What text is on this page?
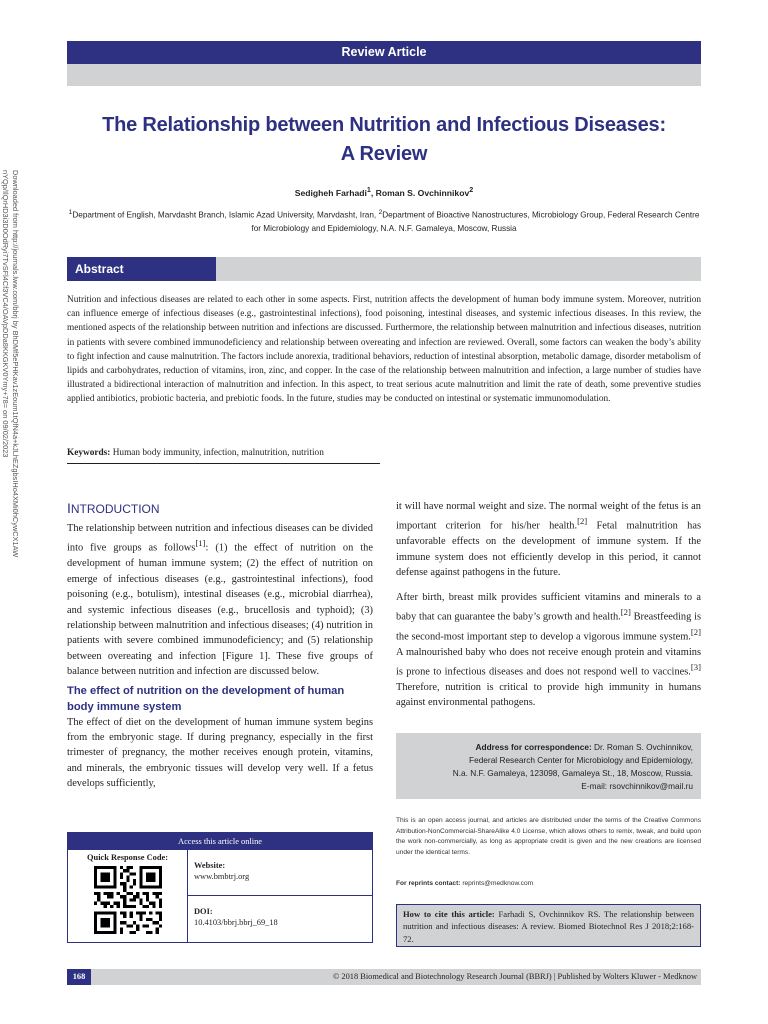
Review Article
The Relationship between Nutrition and Infectious Diseases:
A Review
Sedigheh Farhadi$^1$, Roman S. Ovchinnikov$^2$
$^1$Department of English, Marvdasht Branch, Islamic Azad University, Marvdasht, Iran, $^2$Department of Bioactive Nanostructures, Microbiology Group, Federal Research Centre for Microbiology and Epidemiology, N.A. N.F. Gamaleya, Moscow, Russia
Abstract

Nutrition and infectious diseases are related to each other in some aspects. First, nutrition affects the development of human body immune system. Moreover, nutrition can influence emerge of infectious diseases (e.g., gastrointestinal infections), food poisoning, intestinal diseases, and systemic infectious diseases. In this review, the mentioned aspects of the relationship between nutrition and infections are discussed. Furthermore, the relationship between malnutrition and infectious diseases, nutrition in patients with severe combined immunodeficiency and relationship between overeating and infection are reviewed. Overall, some factors can weaken the body’s ability to fight infection and cause malnutrition. The factors include anorexia, traditional behaviors, reduction of intestinal absorption, metabolic damage, disorder metabolism of lipids and carbohydrates, reduction of vitamins, iron, zinc, and copper. In the case of the relationship between malnutrition and infection, a large number of studies have illustrated a bidirectional interaction of malnutrition and infection. In this aspect, to treat serious acute malnutrition and limit the rate of death, some preventive studies applied antibiotics, probiotic bacteria, and prebiotic foods. In the future, studies may be conducted on intestinal or systematic immunomodulation.

Keywords: Human body immunity, infection, malnutrition, nutrition
Downloaded from http://journals.lww.com/bbrj by BhDMf5ePHKav1zEoum1tQfN4a+kJLhEZgbsIHo4XMi0hCywCX1AW nYQp/IlQrHD3i3D0OdRyi7TvSFl4Cf3VC4/OAVpDDa8KKGKV0Ymy+78= on 09/02/2023
INTRODUCTION

The relationship between nutrition and infectious diseases can be divided into five groups as follows[1]: (1) the effect of nutrition on the development of human immune system; (2) the effect of nutrition on emerge of infectious diseases (e.g., gastrointestinal infections), food poisoning (e.g., botulism), intestinal diseases (e.g., microbial diarrhea), and systemic infectious diseases (e.g., brucellosis and typhoid); (3) relationship between malnutrition and infectious diseases; (4) nutrition in patients with severe combined immunodeficiency; and (5) relationship between overeating and infection [Figure 1]. These five groups of balance between nutrition and infection are discussed below.

The effect of nutrition on the development of human body immune system

The effect of diet on the development of human immune system begins from the embryonic stage. If during pregnancy, especially in the first trimester of pregnancy, the mother receives enough protein, vitamins, and minerals, the embryonic tissues will develop very well. If a fetus develops sufficiently,

it will have normal weight and size. The normal weight of the fetus is an important criterion for his/her health.[2] Fetal malnutrition has unfavorable effects on the development of immune system. If the immune system does not efficiently develop in this period, it cannot defense against pathogens in the future.

After birth, breast milk provides sufficient vitamins and minerals to a baby that can guarantee the baby’s growth and health.[2] Breastfeeding is the second-most important step to develop a vigorous immune system.[2] A malnourished baby who does not receive enough protein and vitamins is prone to infectious diseases and does not respond well to vaccines.[3] Therefore, nutrition is critical to provide high immunity in humans against environmental pathogens.

Access this article online
Quick Response Code:
Website:
www.bmbtrj.org
DOI:
10.4103/bbrj.bbrj_69_18
Address for correspondence: Dr. Roman S. Ovchinnikov,
Federal Research Center for Microbiology and Epidemiology,
N.a. N.F. Gamaleya, 123098, Gamaleya St., 18, Moscow, Russia.
E-mail: rsovchinnikov@mail.ru

This is an open access journal, and articles are distributed under the terms of the Creative Commons Attribution-NonCommercial-ShareAlike 4.0 License, which allows others to remix, tweak, and build upon the work non-commercially, as long as appropriate credit is given and the new creations are licensed under the identical terms.

For reprints contact: reprints@medknow.com
How to cite this article: Farhadi S, Ovchinnikov RS. The relationship between nutrition and infectious diseases: A review. Biomed Biotechnol Res J 2018;2:168-72.
168	© 2018 Biomedical and Biotechnology Research Journal (BBRJ) | Published by Wolters Kluwer - Medknow
